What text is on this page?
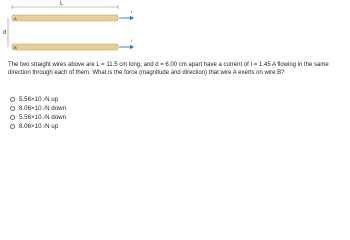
L
d
A
I
B
I
The two straight wires above are L = 11.5 cm long, and d = 6.00 cm apart have a current of I = 1.45 A flowing in the same direction through each of them. What is the force (magnitude and direction) that wire A exerts on wire B?
5.56×10 -7 N up
8.06×10 -7 N down
5.56×10 -7 N down
8.06×10 -7 N up
